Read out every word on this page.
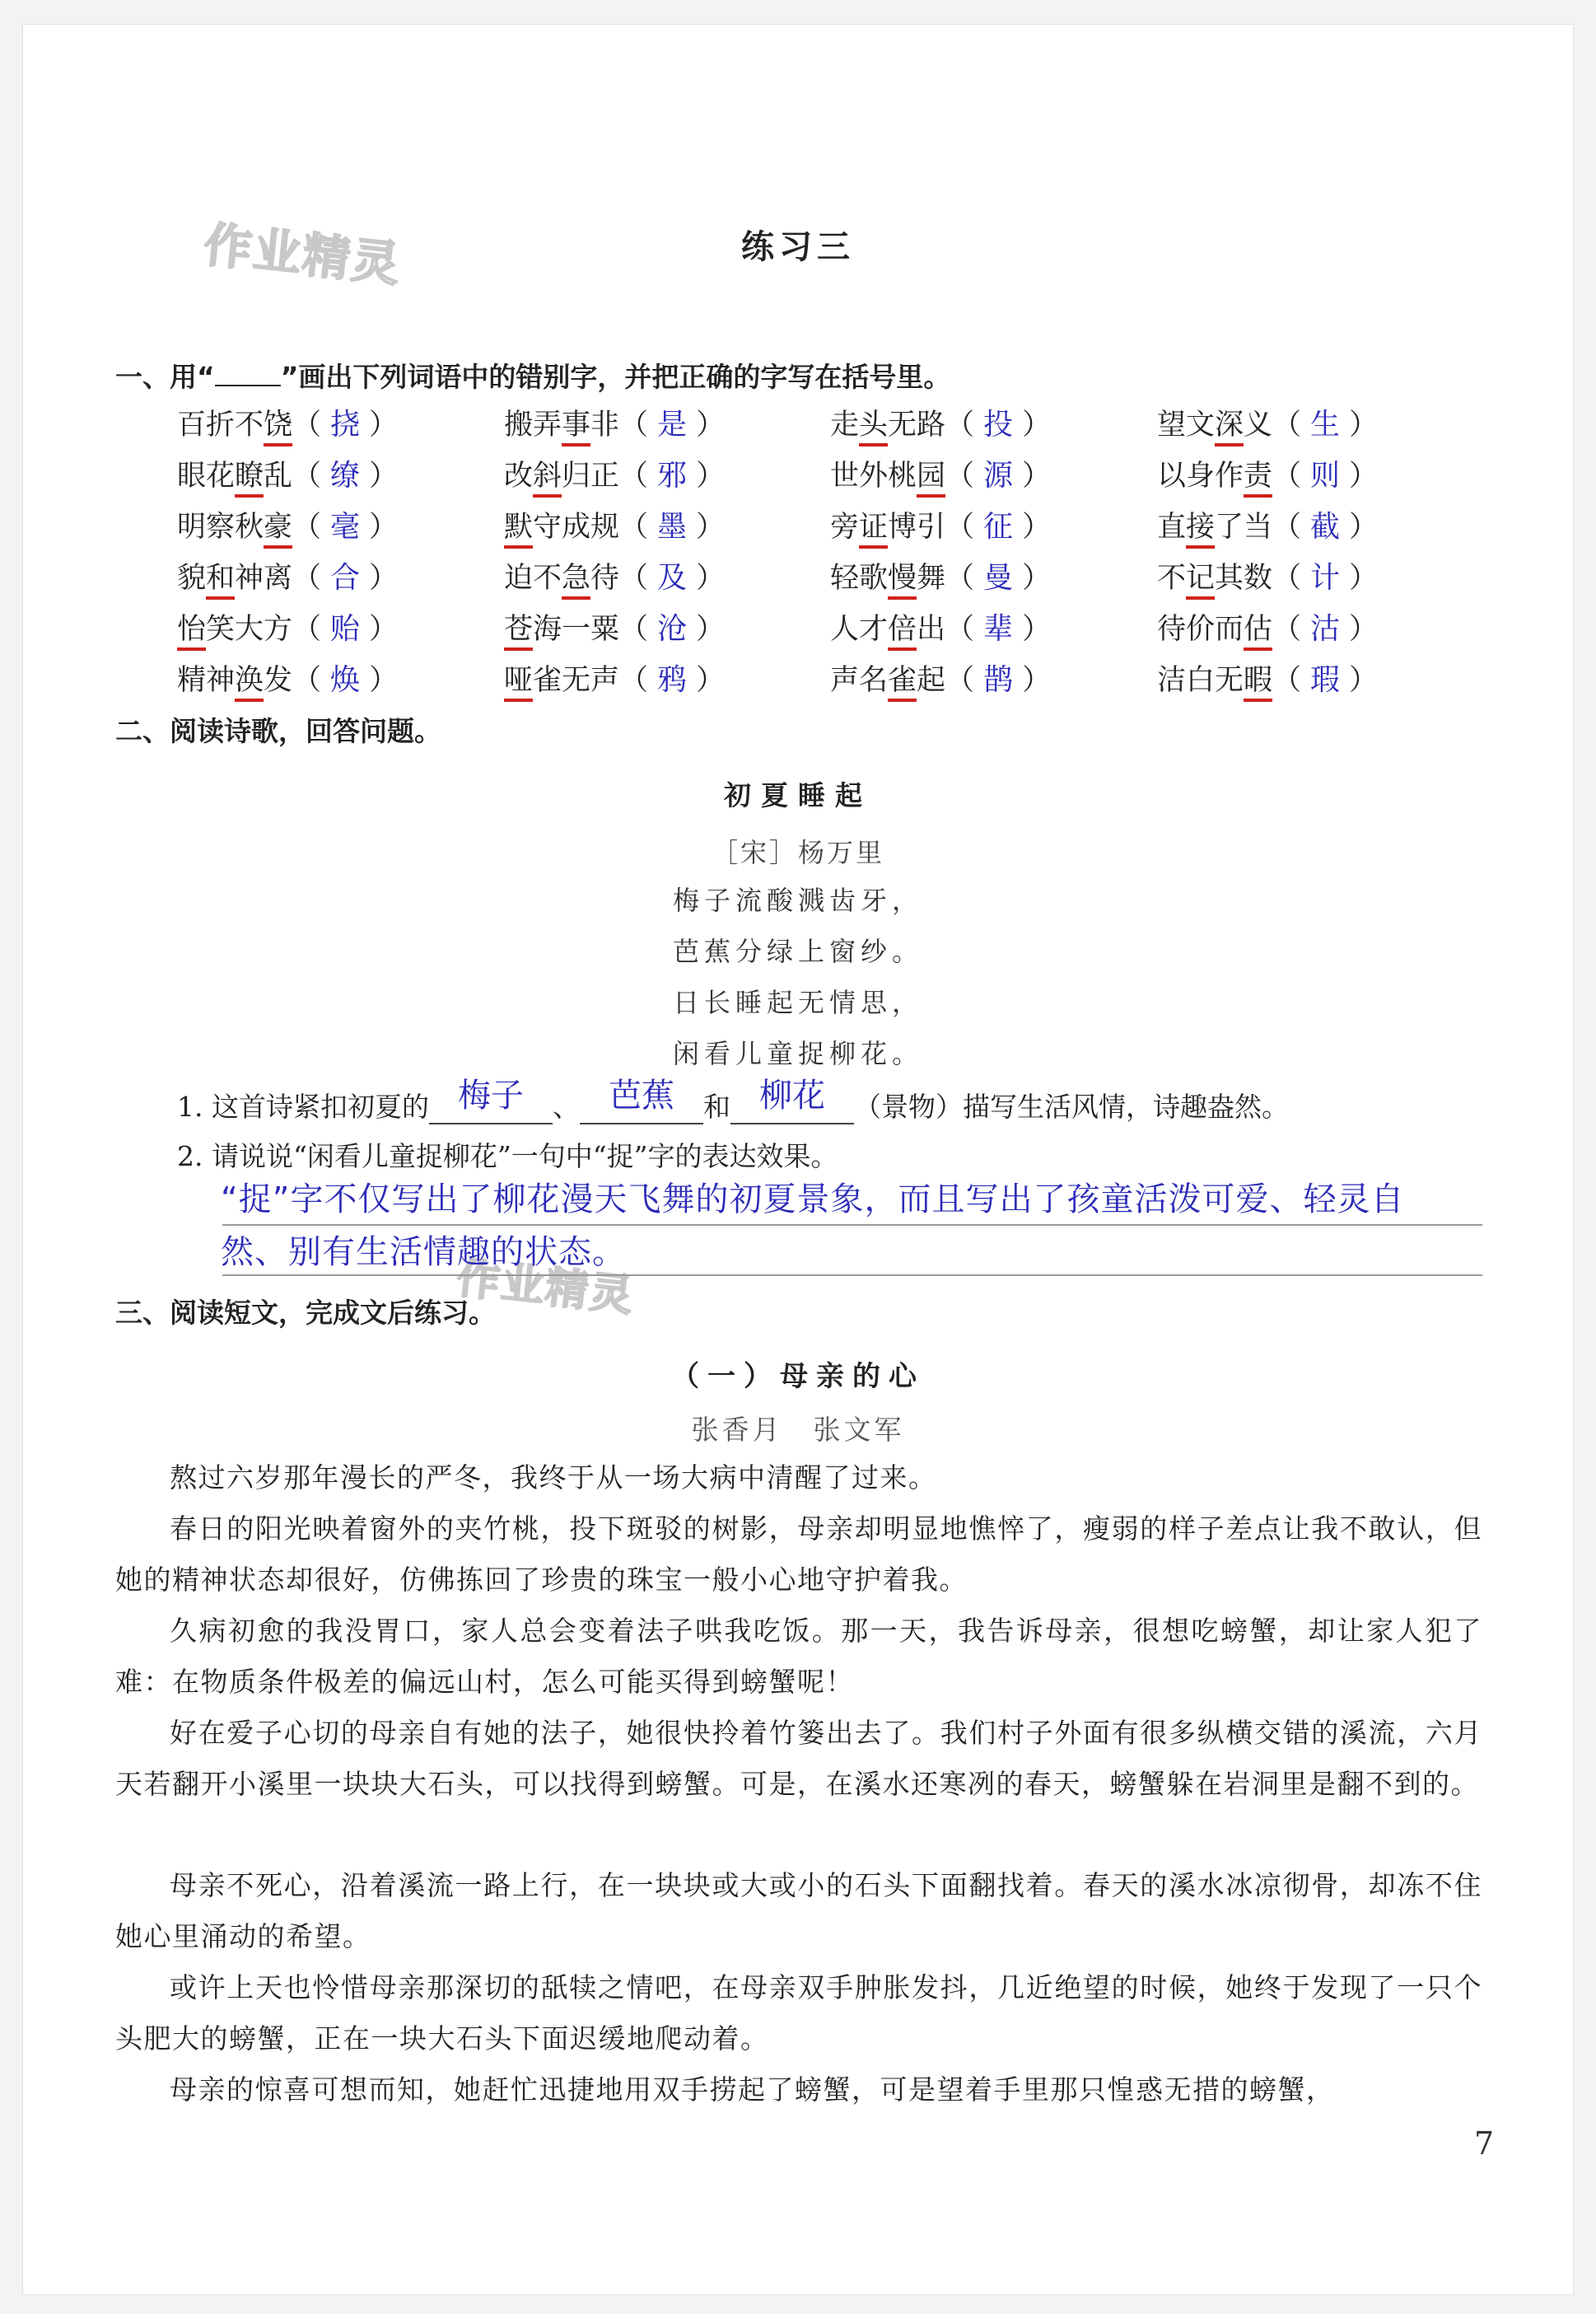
作业精灵
作业精灵
练习三
一、用“ ”画出下列词语中的错别字，并把正确的字写在括号里。
百折不饶（ 挠 ）	搬弄事非（ 是 ）	走头无路（ 投 ）	望文深义（ 生 ）
眼花瞭乱（ 缭 ）	改斜归正（ 邪 ）	世外桃园（ 源 ）	以身作责（ 则 ）
明察秋豪（ 毫 ）	默守成规（ 墨 ）	旁证博引（ 征 ）	直接了当（ 截 ）
貌和神离（ 合 ）	迫不急待（ 及 ）	轻歌慢舞（ 曼 ）	不记其数（ 计 ）
怡笑大方（ 贻 ）	苍海一粟（ 沧 ）	人才倍出（ 辈 ）	待价而估（ 沽 ）
精神涣发（ 焕 ）	哑雀无声（ 鸦 ）	声名雀起（ 鹊 ）	洁白无暇（ 瑕 ）
二、阅读诗歌，回答问题。
初夏睡起
［宋］杨万里
梅子流酸溅齿牙，
芭蕉分绿上窗纱。
日长睡起无情思，
闲看儿童捉柳花。
1. 这首诗紧扣初夏的 梅子	、 芭蕉	和 柳花	（景物）描写生活风情，诗趣盎然。
2. 请说说“闲看儿童捉柳花”一句中“捉”字的表达效果。
“捉”字不仅写出了柳花漫天飞舞的初夏景象，而且写出了孩童活泼可爱、轻灵自
然、别有生活情趣的状态。
三、阅读短文，完成文后练习。
（一）母亲的心
张香月　张文军
熬过六岁那年漫长的严冬，我终于从一场大病中清醒了过来。
春日的阳光映着窗外的夹竹桃，投下斑驳的树影，母亲却明显地憔悴了，瘦弱的样子差点让我不敢认，但她的精神状态却很好，仿佛拣回了珍贵的珠宝一般小心地守护着我。
久病初愈的我没胃口，家人总会变着法子哄我吃饭。那一天，我告诉母亲，很想吃螃蟹，却让家人犯了难：在物质条件极差的偏远山村，怎么可能买得到螃蟹呢！
好在爱子心切的母亲自有她的法子，她很快拎着竹篓出去了。我们村子外面有很多纵横交错的溪流，六月天若翻开小溪里一块块大石头，可以找得到螃蟹。可是，在溪水还寒冽的春天，螃蟹躲在岩洞里是翻不到的。
母亲不死心，沿着溪流一路上行，在一块块或大或小的石头下面翻找着。春天的溪水冰凉彻骨，却冻不住她心里涌动的希望。
或许上天也怜惜母亲那深切的舐犊之情吧，在母亲双手肿胀发抖，几近绝望的时候，她终于发现了一只个头肥大的螃蟹，正在一块大石头下面迟缓地爬动着。
母亲的惊喜可想而知，她赶忙迅捷地用双手捞起了螃蟹，可是望着手里那只惶惑无措的螃蟹，
7
